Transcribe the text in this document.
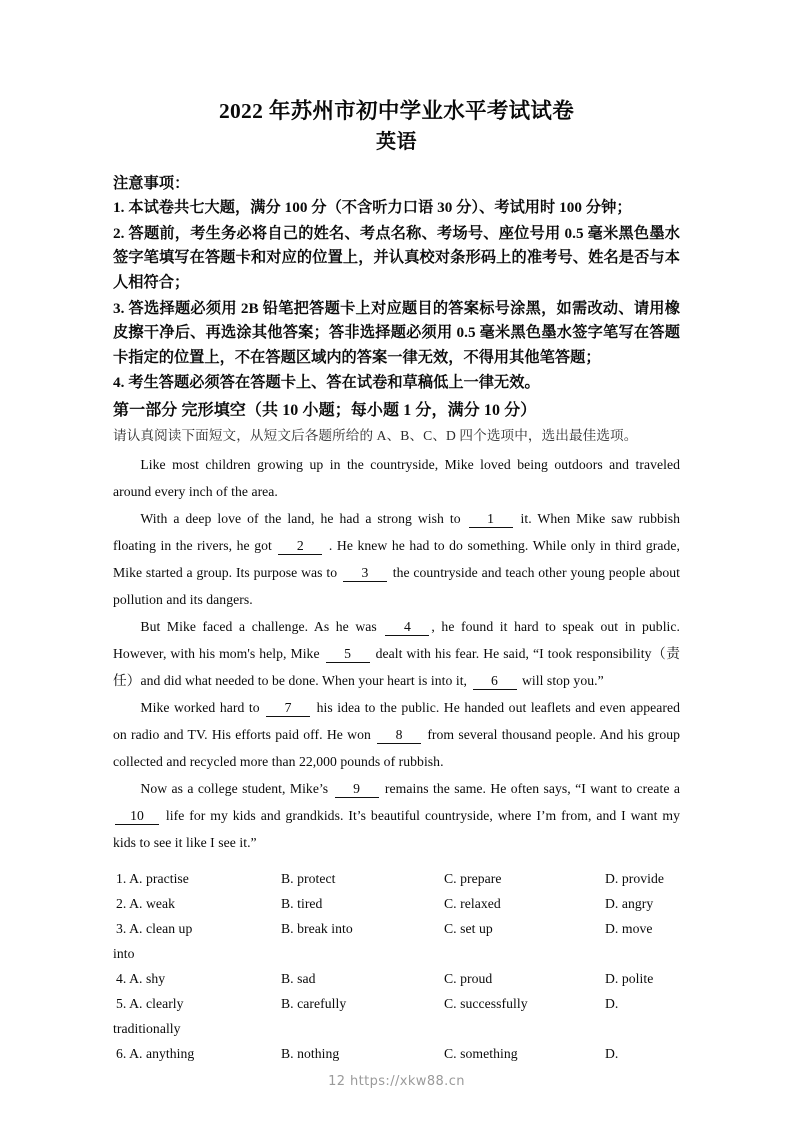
2022 年苏州市初中学业水平考试试卷
英语
注意事项：
1. 本试卷共七大题，满分 100 分（不含听力口语 30 分）、考试用时 100 分钟；
2. 答题前，考生务必将自己的姓名、考点名称、考场号、座位号用 0.5 毫米黑色墨水签字笔填写在答题卡和对应的位置上，并认真校对条形码上的准考号、姓名是否与本人相符合；
3. 答选择题必须用 2B 铅笔把答题卡上对应题目的答案标号涂黑，如需改动、请用橡皮擦干净后、再选涂其他答案；答非选择题必须用 0.5 毫米黑色墨水签字笔写在答题卡指定的位置上，不在答题区域内的答案一律无效，不得用其他笔答题；
4. 考生答题必须答在答题卡上、答在试卷和草稿低上一律无效。
第一部分 完形填空（共 10 小题；每小题 1 分，满分 10 分）
请认真阅读下面短文，从短文后各题所给的 A、B、C、D 四个选项中，选出最佳选项。

Like most children growing up in the countryside, Mike loved being outdoors and traveled around every inch of the area.

With a deep love of the land, he had a strong wish to 1 it. When Mike saw rubbish floating in the rivers, he got 2 . He knew he had to do something. While only in third grade, Mike started a group. Its purpose was to 3 the countryside and teach other young people about pollution and its dangers.

But Mike faced a challenge. As he was 4 , he found it hard to speak out in public. However, with his mom's help, Mike 5 dealt with his fear. He said, “I took responsibility（责任）and did what needed to be done. When your heart is into it, 6 will stop you.”

Mike worked hard to 7 his idea to the public. He handed out leaflets and even appeared on radio and TV. His efforts paid off. He won 8 from several thousand people. And his group collected and recycled more than 22,000 pounds of rubbish.

Now as a college student, Mike’s 9 remains the same. He often says, “I want to create a 10 life for my kids and grandkids. It’s beautiful countryside, where I’m from, and I want my kids to see it like I see it.”

1. A. practise	B. protect	C. prepare	D. provide
2. A. weak	B. tired	C. relaxed	D. angry
3. A. clean up	B. break into	C. set up	D. move
into
4. A. shy	B. sad	C. proud	D. polite
5. A. clearly	B. carefully	C. successfully	D.
traditionally
6. A. anything	B. nothing	C. something	D.
12 https://xkw88.cn
